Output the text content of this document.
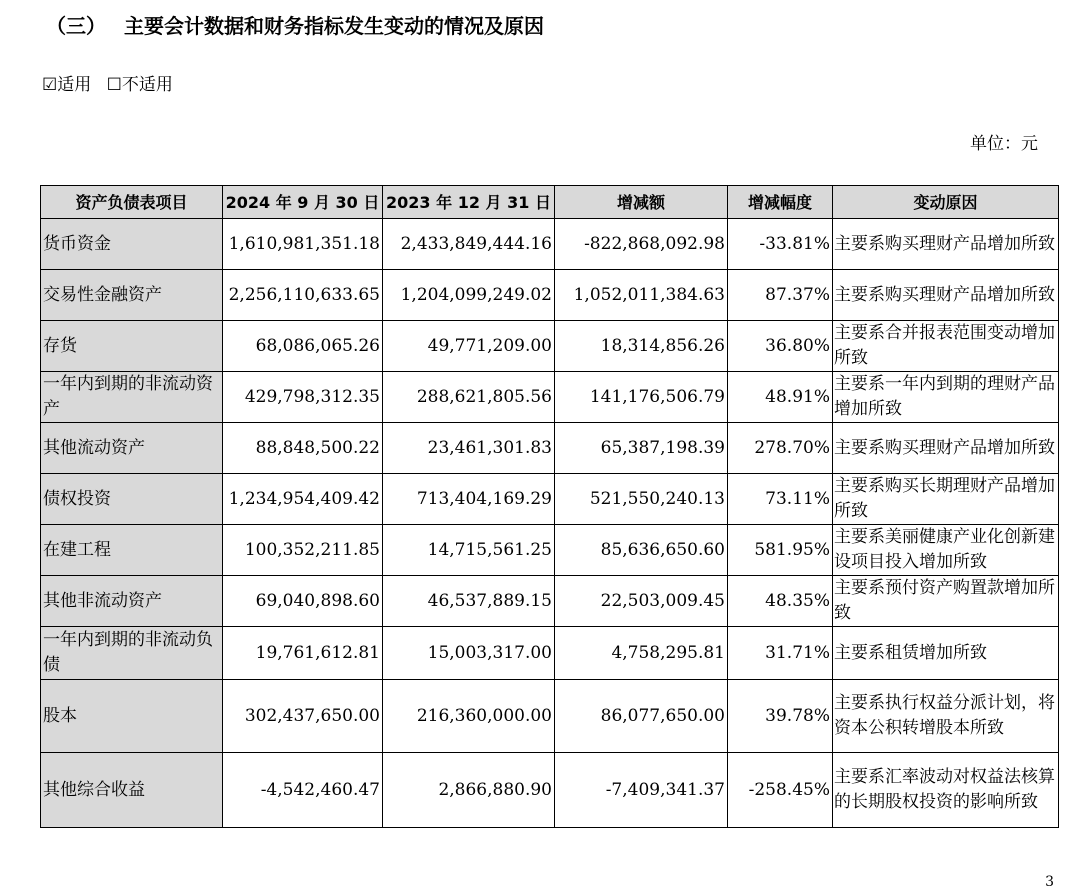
（三） 主要会计数据和财务指标发生变动的情况及原因
☑适用 ☐不适用
单位：元
资产负债表项目	2024 年 9 月 30 日	2023 年 12 月 31 日	增减额	增减幅度	变动原因
货币资金	1,610,981,351.18	2,433,849,444.16	-822,868,092.98	-33.81%	主要系购买理财产品增加所致
交易性金融资产	2,256,110,633.65	1,204,099,249.02	1,052,011,384.63	87.37%	主要系购买理财产品增加所致
存货	68,086,065.26	49,771,209.00	18,314,856.26	36.80%	主要系合并报表范围变动增加所致
一年内到期的非流动资产	429,798,312.35	288,621,805.56	141,176,506.79	48.91%	主要系一年内到期的理财产品增加所致
其他流动资产	88,848,500.22	23,461,301.83	65,387,198.39	278.70%	主要系购买理财产品增加所致
债权投资	1,234,954,409.42	713,404,169.29	521,550,240.13	73.11%	主要系购买长期理财产品增加所致
在建工程	100,352,211.85	14,715,561.25	85,636,650.60	581.95%	主要系美丽健康产业化创新建设项目投入增加所致
其他非流动资产	69,040,898.60	46,537,889.15	22,503,009.45	48.35%	主要系预付资产购置款增加所致
一年内到期的非流动负债	19,761,612.81	15,003,317.00	4,758,295.81	31.71%	主要系租赁增加所致
股本	302,437,650.00	216,360,000.00	86,077,650.00	39.78%	主要系执行权益分派计划，将资本公积转增股本所致
其他综合收益	-4,542,460.47	2,866,880.90	-7,409,341.37	-258.45%	主要系汇率波动对权益法核算的长期股权投资的影响所致
3
